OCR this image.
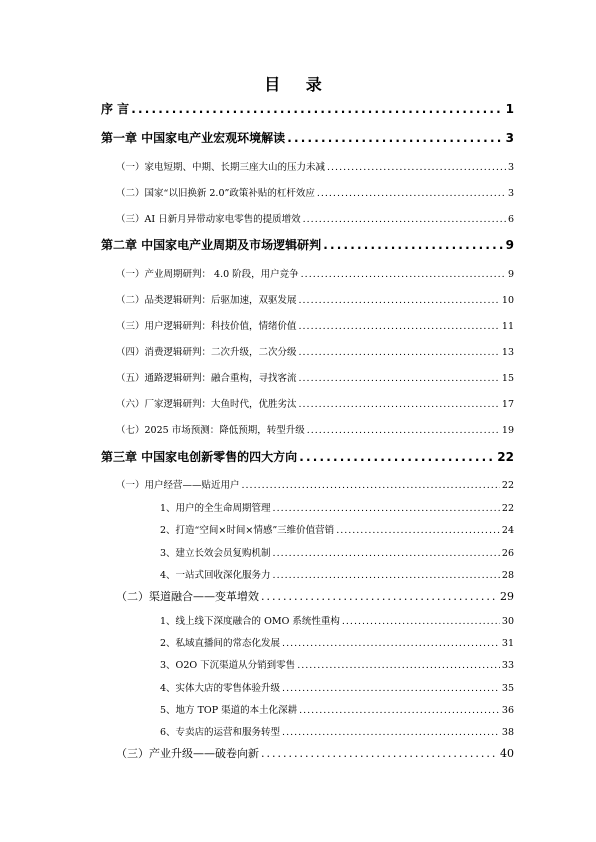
目 录
序 言 .....	1
第一章 中国家电产业宏观环境解读 .....	3
（一）家电短期、中期、长期三座大山的压力未减 .....	3
（二）国家“以旧换新 2.0”政策补贴的杠杆效应 .....	3
（三）AI 日新月异带动家电零售的提质增效 .....	6
第二章 中国家电产业周期及市场逻辑研判 .....	9
（一）产业周期研判： 4.0 阶段，用户竞争 .....	9
（二）品类逻辑研判：后驱加速，双驱发展 .....	10
（三）用户逻辑研判：科技价值，情绪价值 .....	11
（四）消费逻辑研判：二次升级，二次分级 .....	13
（五）通路逻辑研判：融合重构，寻找客流 .....	15
（六）厂家逻辑研判：大鱼时代，优胜劣汰 .....	17
（七）2025 市场预测：降低预期，转型升级 .....	19
第三章 中国家电创新零售的四大方向 .....	22
（一）用户经营——贴近用户 .....	22
1、用户的全生命周期管理 .....	22
2、打造“空间×时间×情感”三维价值营销 .....	24
3、建立长效会员复购机制 .....	26
4、一站式回收深化服务力 .....	28
（二）渠道融合——变革增效 .....	29
1、线上线下深度融合的 OMO 系统性重构 .....	30
2、私域直播间的常态化发展 .....	31
3、O2O 下沉渠道从分销到零售 .....	33
4、实体大店的零售体验升级 .....	35
5、地方 TOP 渠道的本土化深耕 .....	36
6、专卖店的运营和服务转型 .....	38
（三）产业升级——破卷向新 .....	40
